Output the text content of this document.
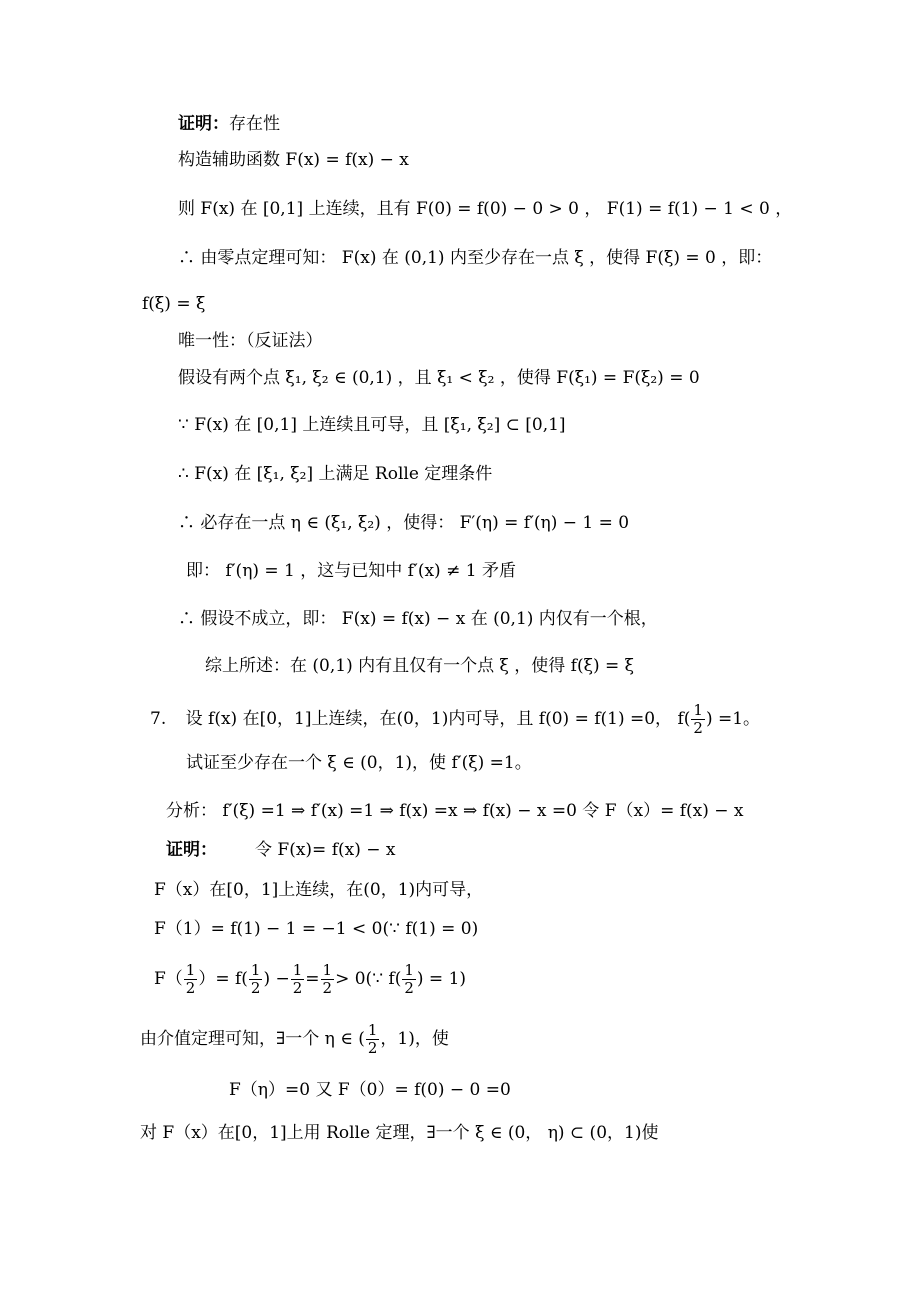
证明：存在性
构造辅助函数 F(x) = f(x) − x
则 F(x) 在 [0,1] 上连续，且有 F(0) = f(0) − 0 > 0 ， F(1) = f(1) − 1 < 0 ，
∴ 由零点定理可知： F(x) 在 (0,1) 内至少存在一点 ξ ，使得 F(ξ) = 0 ，即：
f(ξ) = ξ
唯一性：（反证法）
假设有两个点 ξ₁, ξ₂ ∈ (0,1) ，且 ξ₁ < ξ₂ ，使得 F(ξ₁) = F(ξ₂) = 0
∵ F(x) 在 [0,1] 上连续且可导，且 [ξ₁, ξ₂] ⊂ [0,1]
∴ F(x) 在 [ξ₁, ξ₂] 上满足 Rolle 定理条件
∴ 必存在一点 η ∈ (ξ₁, ξ₂) ，使得： F′(η) = f′(η) − 1 = 0
即： f′(η) = 1 ，这与已知中 f′(x) ≠ 1 矛盾
∴ 假设不成立，即： F(x) = f(x) − x 在 (0,1) 内仅有一个根，
综上所述：在 (0,1) 内有且仅有一个点 ξ ，使得 f(ξ) = ξ
7. 设 f(x) 在[0，1]上连续，在(0，1)内可导，且 f(0) = f(1) =0， $f( \frac{1}{2}$ ) =1。
试证至少存在一个 ξ ∈ (0，1)，使 f′(ξ) =1。
分析： f′(ξ) =1 ⇒ f′(x) =1 ⇒ f(x) =x ⇒ f(x) − x =0 令 F（x）= f(x) − x
证明： 令 F(x)= f(x) − x
F（x）在[0，1]上连续，在(0，1)内可导，
F（1）= f(1) − 1 = −1 < 0(∵ f(1) = 0)
$F( \frac{1}{2}$ ）= $f( \frac{1}{2}$ ) − $\frac{1}{2} = \frac{1}{2}$ > 0(∵ $f( \frac{1}{2}$ ) = 1)
由介值定理可知，∃一个 η ∈ ( $\frac{1}{2}$ ，1)，使
F（η）=0 又 F（0）= f(0) − 0 =0
对 F（x）在[0，1]上用 Rolle 定理，∃一个 ξ ∈ (0， η) ⊂ (0，1)使
